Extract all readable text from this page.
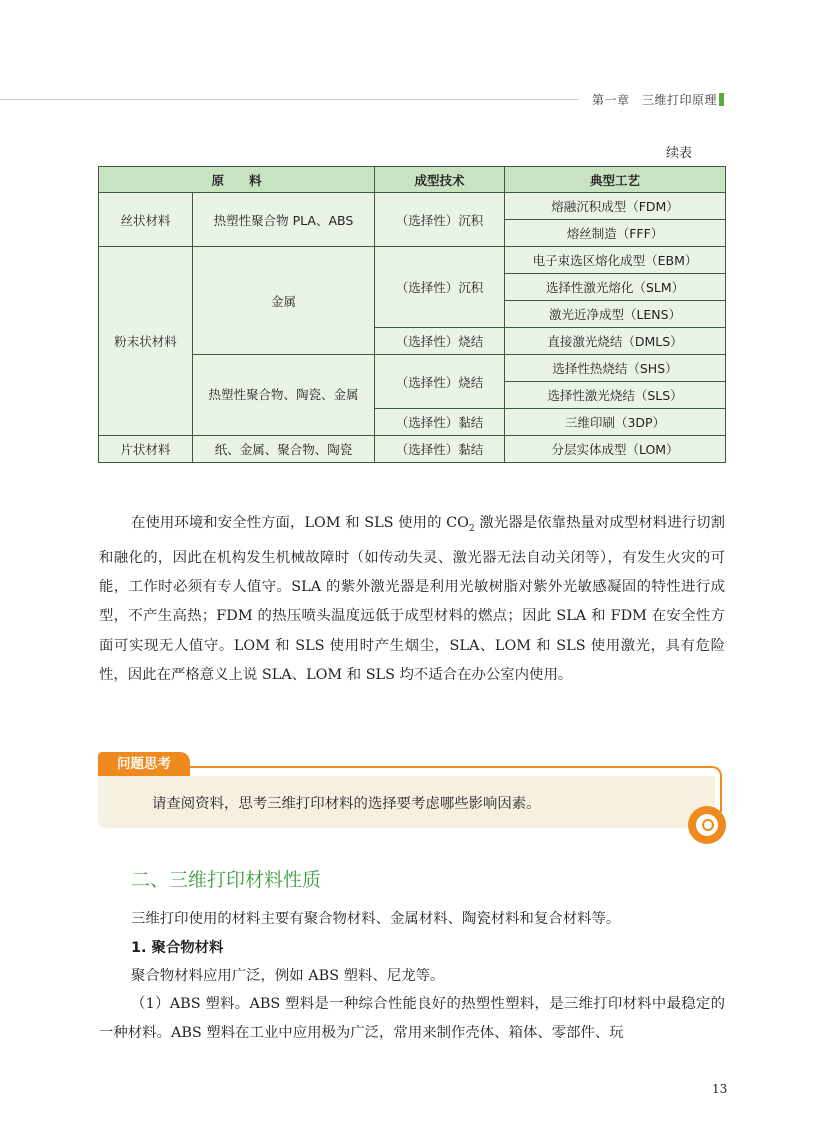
第一章　三维打印原理
续表
原　　料		成型技术	典型工艺
丝状材料	热塑性聚合物 PLA、ABS	（选择性）沉积	熔融沉积成型（FDM）
			熔丝制造（FFF）
粉末状材料	金属	（选择性）沉积	电子束选区熔化成型（EBM）
			选择性激光熔化（SLM）
			激光近净成型（LENS）
		（选择性）烧结	直接激光烧结（DMLS）
	热塑性聚合物、陶瓷、金属	（选择性）烧结	选择性热烧结（SHS）
			选择性激光烧结（SLS）
		（选择性）黏结	三维印刷（3DP）
片状材料	纸、金属、聚合物、陶瓷	（选择性）黏结	分层实体成型（LOM）
在使用环境和安全性方面，LOM 和 SLS 使用的 $CO_2$ 激光器是依靠热量对成型材料进行切割和融化的，因此在机构发生机械故障时（如传动失灵、激光器无法自动关闭等），有发生火灾的可能，工作时必须有专人值守。SLA 的紫外激光器是利用光敏树脂对紫外光敏感凝固的特性进行成型，不产生高热；FDM 的热压喷头温度远低于成型材料的燃点；因此 SLA 和 FDM 在安全性方面可实现无人值守。LOM 和 SLS 使用时产生烟尘，SLA、LOM 和 SLS 使用激光，具有危险性，因此在严格意义上说 SLA、LOM 和 SLS 均不适合在办公室内使用。
问题思考
请查阅资料，思考三维打印材料的选择要考虑哪些影响因素。
二、三维打印材料性质
三维打印使用的材料主要有聚合物材料、金属材料、陶瓷材料和复合材料等。
1. 聚合物材料
聚合物材料应用广泛，例如 ABS 塑料、尼龙等。
（1）ABS 塑料。ABS 塑料是一种综合性能良好的热塑性塑料，是三维打印材料中最稳定的一种材料。ABS 塑料在工业中应用极为广泛，常用来制作壳体、箱体、零部件、玩
13
